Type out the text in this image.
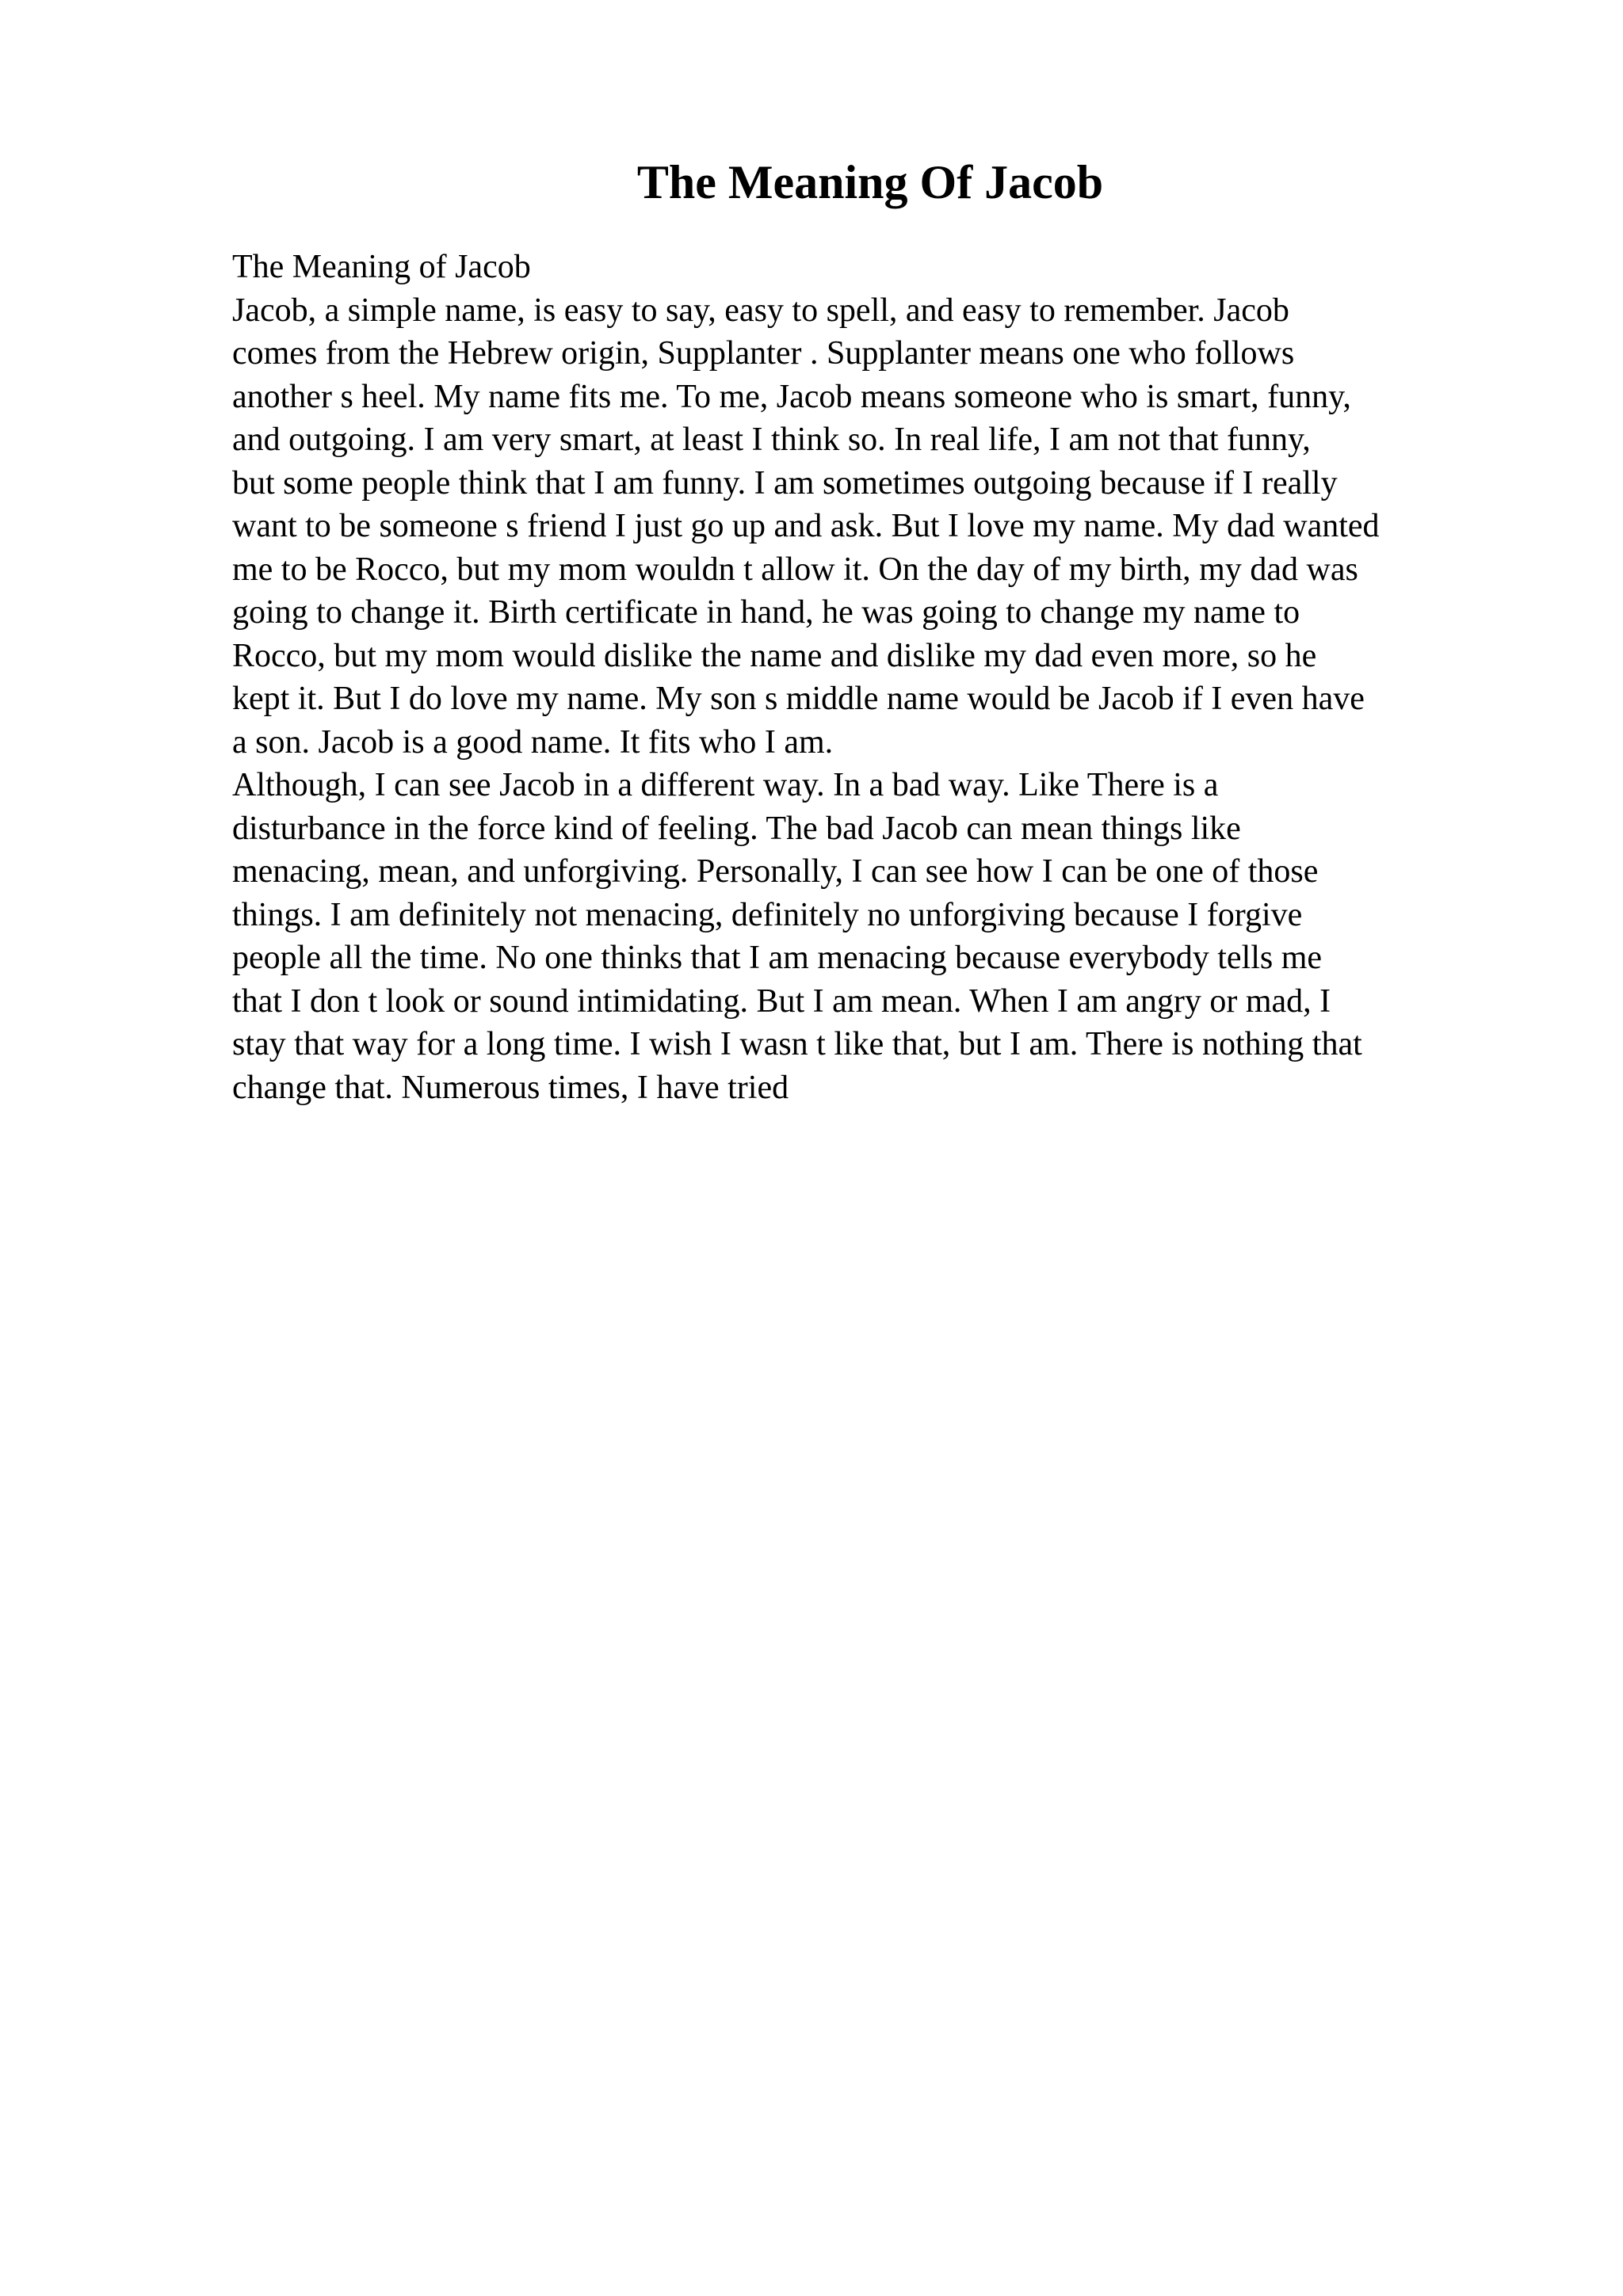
The Meaning Of Jacob
The Meaning of Jacob
Jacob, a simple name, is easy to say, easy to spell, and easy to remember. Jacob
comes from the Hebrew origin, Supplanter . Supplanter means one who follows
another s heel. My name fits me. To me, Jacob means someone who is smart, funny,
and outgoing. I am very smart, at least I think so. In real life, I am not that funny,
but some people think that I am funny. I am sometimes outgoing because if I really
want to be someone s friend I just go up and ask. But I love my name. My dad wanted
me to be Rocco, but my mom wouldn t allow it. On the day of my birth, my dad was
going to change it. Birth certificate in hand, he was going to change my name to
Rocco, but my mom would dislike the name and dislike my dad even more, so he
kept it. But I do love my name. My son s middle name would be Jacob if I even have
a son. Jacob is a good name. It fits who I am.
Although, I can see Jacob in a different way. In a bad way. Like There is a
disturbance in the force kind of feeling. The bad Jacob can mean things like
menacing, mean, and unforgiving. Personally, I can see how I can be one of those
things. I am definitely not menacing, definitely no unforgiving because I forgive
people all the time. No one thinks that I am menacing because everybody tells me
that I don t look or sound intimidating. But I am mean. When I am angry or mad, I
stay that way for a long time. I wish I wasn t like that, but I am. There is nothing that
change that. Numerous times, I have tried
